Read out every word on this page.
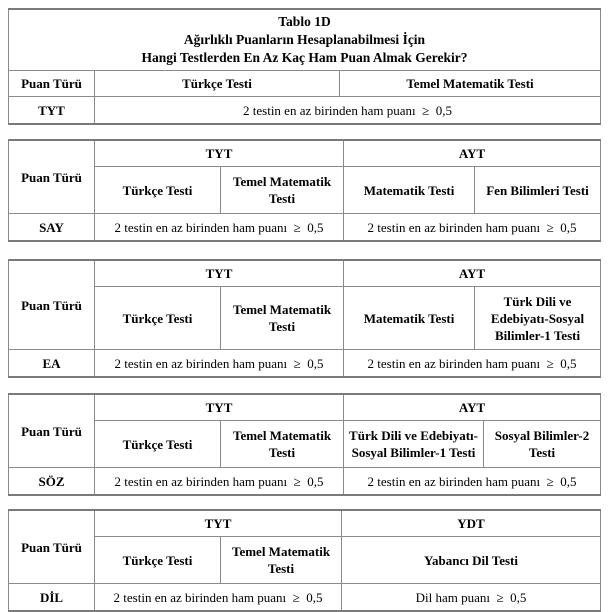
Tablo 1D
Ağırlıklı Puanların Hesaplanabilmesi İçin
Hangi Testlerden En Az Kaç Ham Puan Almak Gerekir?		

Puan Türü	Türkçe Testi	Temel Matematik Testi
TYT	2 testin en az birinden ham puanı  ≥  0,5	
Puan Türü	TYT		AYT	
	Türkçe Testi	Temel Matematik Testi	Matematik Testi	Fen Bilimleri Testi
SAY	2 testin en az birinden ham puanı  ≥  0,5		2 testin en az birinden ham puanı  ≥  0,5	
Puan Türü	TYT		AYT	
	Türkçe Testi	Temel Matematik Testi	Matematik Testi	Türk Dili ve Edebiyatı-Sosyal Bilimler-1 Testi
EA	2 testin en az birinden ham puanı  ≥  0,5		2 testin en az birinden ham puanı  ≥  0,5	
Puan Türü	TYT		AYT	
	Türkçe Testi	Temel Matematik Testi	Türk Dili ve Edebiyatı-Sosyal Bilimler-1 Testi	Sosyal Bilimler-2 Testi
SÖZ	2 testin en az birinden ham puanı  ≥  0,5		2 testin en az birinden ham puanı  ≥  0,5	
Puan Türü	TYT		YDT
	Türkçe Testi	Temel Matematik Testi	Yabancı Dil Testi
DİL	2 testin en az birinden ham puanı  ≥  0,5		Dil ham puanı  ≥  0,5
